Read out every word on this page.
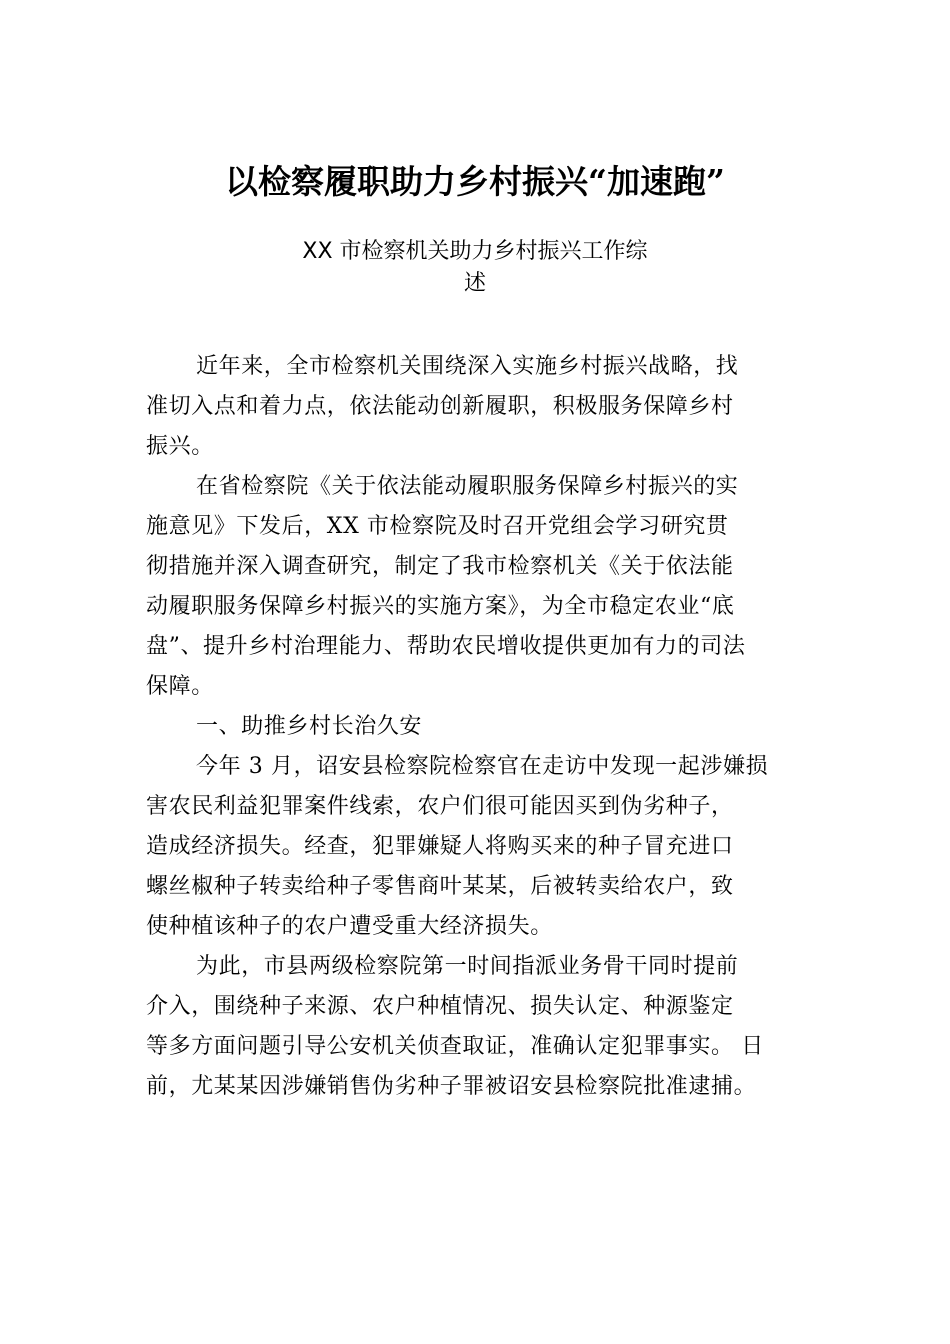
以检察履职助力乡村振兴“加速跑”
XX 市检察机关助力乡村振兴工作综
述
近年来，全市检察机关围绕深入实施乡村振兴战略，找
准切入点和着力点，依法能动创新履职，积极服务保障乡村
振兴。
在省检察院《关于依法能动履职服务保障乡村振兴的实
施意见》下发后，XX 市检察院及时召开党组会学习研究贯
彻措施并深入调查研究，制定了我市检察机关《关于依法能
动履职服务保障乡村振兴的实施方案》，为全市稳定农业“底
盘”、提升乡村治理能力、帮助农民增收提供更加有力的司法
保障。
一、助推乡村长治久安
今年 3 月，诏安县检察院检察官在走访中发现一起涉嫌损
害农民利益犯罪案件线索，农户们很可能因买到伪劣种子，
造成经济损失。经查，犯罪嫌疑人将购买来的种子冒充进口
螺丝椒种子转卖给种子零售商叶某某，后被转卖给农户，致
使种植该种子的农户遭受重大经济损失。
为此，市县两级检察院第一时间指派业务骨干同时提前
介入，围绕种子来源、农户种植情况、损失认定、种源鉴定
等多方面问题引导公安机关侦查取证，准确认定犯罪事实。 日
前，尤某某因涉嫌销售伪劣种子罪被诏安县检察院批准逮捕。
